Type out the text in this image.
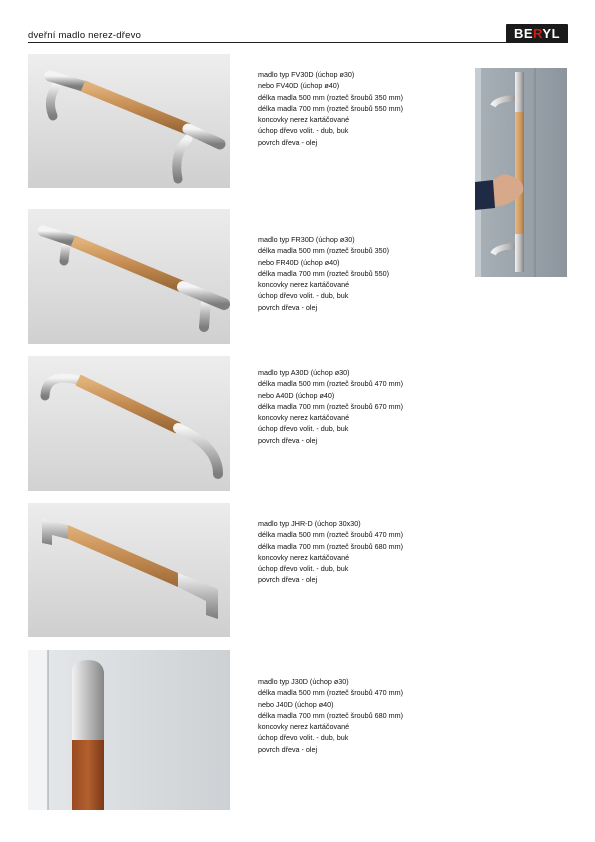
dveřní madlo nerez-dřevo	BERYL
madlo typ FV30D (úchop ø30)
nebo FV40D (úchop ø40)
délka madla 500 mm (rozteč šroubů 350 mm)
délka madla 700 mm (rozteč šroubů 550 mm)
koncovky nerez kartáčované
úchop dřevo volit. - dub, buk
povrch dřeva - olej
madlo typ FR30D (úchop ø30)
délka madla 500 mm (rozteč šroubů 350)
nebo FR40D (úchop ø40)
délka madla 700 mm (rozteč šroubů 550)
koncovky nerez kartáčované
úchop dřevo volit. - dub, buk
povrch dřeva - olej
madlo typ A30D (úchop ø30)
délka madla 500 mm (rozteč šroubů 470 mm)
nebo A40D (úchop ø40)
délka madla 700 mm (rozteč šroubů 670 mm)
koncovky nerez kartáčované
úchop dřevo volit. - dub, buk
povrch dřeva - olej
madlo typ JHR-D (úchop 30x30)
délka madla 500 mm (rozteč šroubů 470 mm)
délka madla 700 mm (rozteč šroubů 680 mm)
koncovky nerez kartáčované
úchop dřevo volit. - dub, buk
povrch dřeva - olej
madlo typ J30D (úchop ø30)
délka madla 500 mm (rozteč šroubů 470 mm)
nebo J40D (úchop ø40)
délka madla 700 mm (rozteč šroubů 680 mm)
koncovky nerez kartáčované
úchop dřevo volit. - dub, buk
povrch dřeva - olej
